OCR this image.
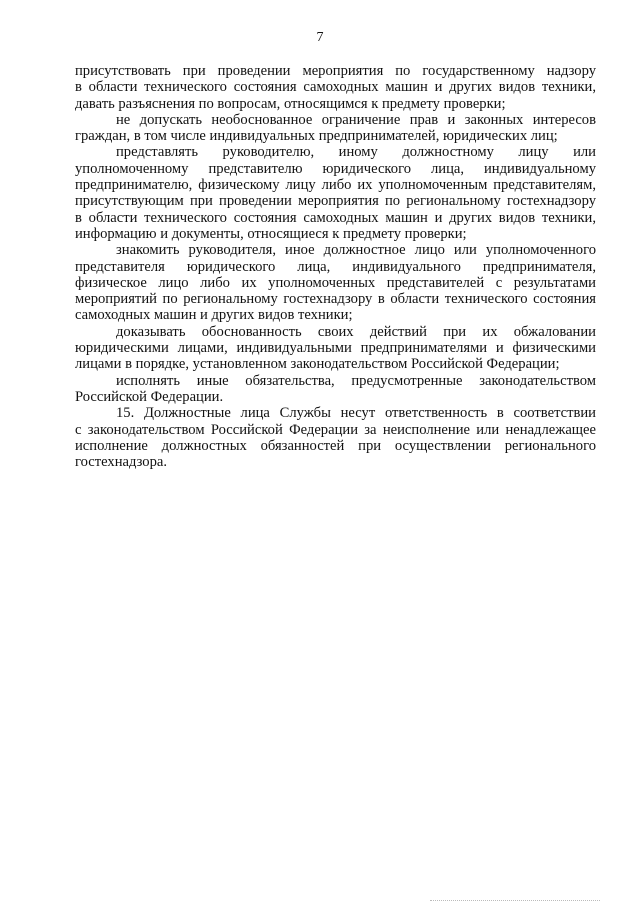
7
присутствовать при проведении мероприятия по государственному надзору
в области технического состояния самоходных машин и других видов техники,
давать разъяснения по вопросам, относящимся к предмету проверки;
не допускать необоснованное ограничение прав и законных интересов
граждан, в том числе индивидуальных предпринимателей, юридических лиц;
представлять руководителю, иному должностному лицу или
уполномоченному представителю юридического лица, индивидуальному
предпринимателю, физическому лицу либо их уполномоченным представителям,
присутствующим при проведении мероприятия по региональному гостехнадзору
в области технического состояния самоходных машин и других видов техники,
информацию и документы, относящиеся к предмету проверки;
знакомить руководителя, иное должностное лицо или уполномоченного
представителя юридического лица, индивидуального предпринимателя,
физическое лицо либо их уполномоченных представителей с результатами
мероприятий по региональному гостехнадзору в области технического состояния
самоходных машин и других видов техники;
доказывать обоснованность своих действий при их обжаловании
юридическими лицами, индивидуальными предпринимателями и физическими
лицами в порядке, установленном законодательством Российской Федерации;
исполнять иные обязательства, предусмотренные законодательством
Российской Федерации.
15. Должностные лица Службы несут ответственность в соответствии
с законодательством Российской Федерации за неисполнение или ненадлежащее
исполнение должностных обязанностей при осуществлении регионального
гостехнадзора.
